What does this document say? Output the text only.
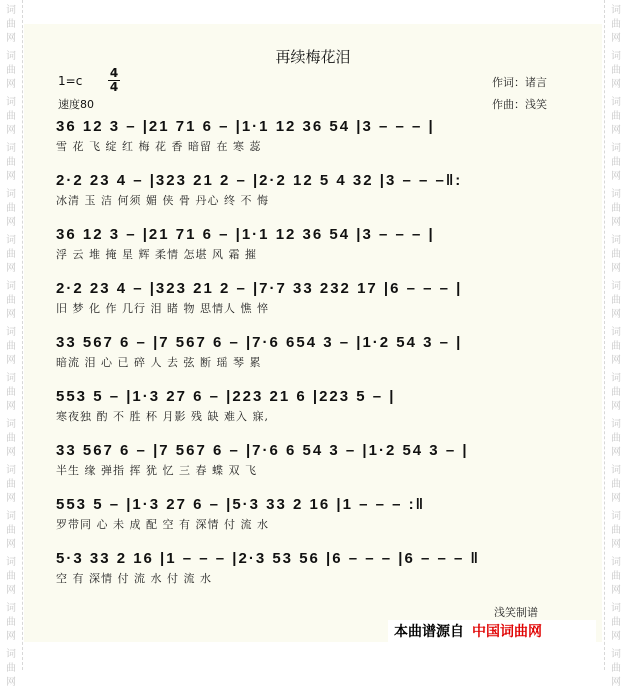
词
曲
网
词
曲
网
词
曲
网
词
曲
网
词
曲
网
词
曲
网
词
曲
网
词
曲
网
词
曲
网
词
曲
网
词
曲
网
词
曲
网
词
曲
网
词
曲
网
词
曲
网
词
曲
网
词
曲
网
词
曲
网
词
曲
网
词
曲
网
词
曲
网
词
曲
网
词
曲
网
词
曲
网
词
曲
网
词
曲
网
词
曲
网
词
曲
网
词
曲
网
词
曲
网
再续梅花泪
1=c
4
4
速度80
作词：诸言
作曲：浅笑
36 12 3 – |21 71 6 – |1·1 12 36 54 |3 – – – |
雪 花 飞 绽 红 梅 花 香 暗留 在 寒 蕊
2·2 23 4 – |323 21 2 – |2·2 12 5 4 32 |3 – – –‖:
冰清 玉 洁 何须 媚 侠 骨 丹心 终 不 悔
36 12 3 – |21 71 6 – |1·1 12 36 54 |3 – – – |
浮 云 堆 掩 星 辉 柔情 怎堪 风 霜 摧
2·2 23 4 – |323 21 2 – |7·7 33 232 17 |6 – – – |
旧 梦 化 作 几行 泪 睹 物 思情人 憔 悴
33 567 6 – |7 567 6 – |7·6 654 3 – |1·2 54 3 – |
暗流 泪 心 已 碎 人 去 弦 断 瑶 琴 累
553 5 – |1·3 27 6 – |223 21 6 |223 5 – |
寒夜独 酌 不 胜 杯 月影 残 缺 难入 寐,
33 567 6 – |7 567 6 – |7·6 6 54 3 – |1·2 54 3 – |
半生 缘 弹指 挥 犹 忆 三 春 蝶 双 飞
553 5 – |1·3 27 6 – |5·3 33 2 16 |1 – – – :‖
罗带同 心 未 成 配 空 有 深情 付 流 水
5·3 33 2 16 |1 – – – |2·3 53 56 |6 – – – |6 – – – ‖
空 有 深情 付 流 水 付 流 水
浅笑制谱
本曲谱源自 中国词曲网
